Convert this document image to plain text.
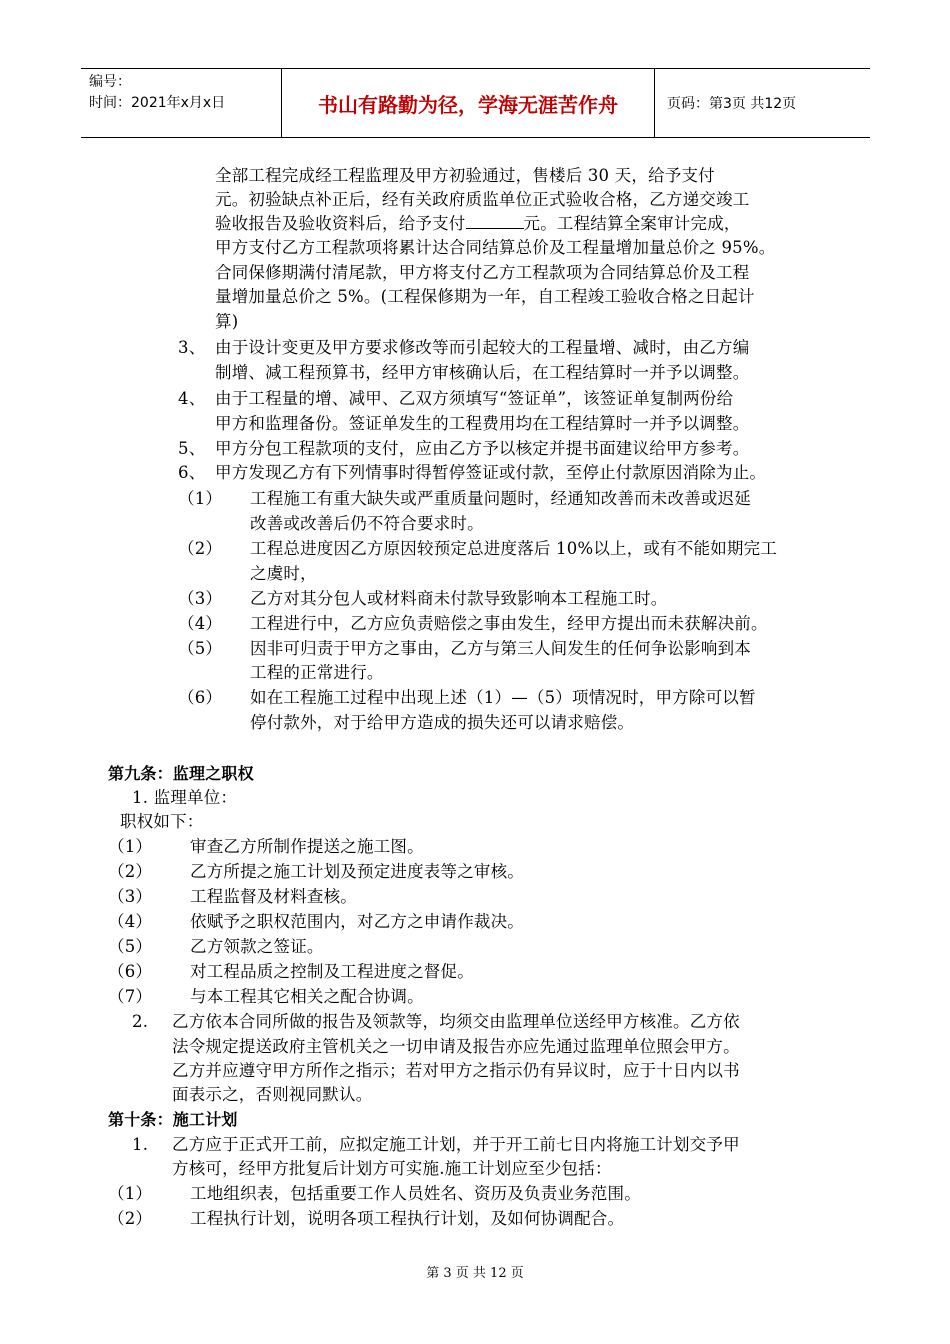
编号：
时间：2021年x月x日	书山有路勤为径，学海无涯苦作舟	页码：第3页 共12页
全部工程完成经工程监理及甲方初验通过，售楼后 30 天，给予支付
元。初验缺点补正后，经有关政府质监单位正式验收合格，乙方递交竣工
验收报告及验收资料后，给予支付	元。工程结算全案审计完成，
甲方支付乙方工程款项将累计达合同结算总价及工程量增加量总价之 95%。
合同保修期满付清尾款，甲方将支付乙方工程款项为合同结算总价及工程
量增加量总价之 5%。(工程保修期为一年，自工程竣工验收合格之日起计
算)
3、 由于设计变更及甲方要求修改等而引起较大的工程量增、减时，由乙方编
制增、减工程预算书，经甲方审核确认后，在工程结算时一并予以调整。
4、 由于工程量的增、减甲、乙双方须填写“签证单”，该签证单复制两份给
甲方和监理备份。签证单发生的工程费用均在工程结算时一并予以调整。
5、 甲方分包工程款项的支付，应由乙方予以核定并提书面建议给甲方参考。
6、 甲方发现乙方有下列情事时得暂停签证或付款，至停止付款原因消除为止。
（1） 工程施工有重大缺失或严重质量问题时，经通知改善而未改善或迟延
改善或改善后仍不符合要求时。
（2） 工程总进度因乙方原因较预定总进度落后 10%以上，或有不能如期完工
之虞时，
（3） 乙方对其分包人或材料商未付款导致影响本工程施工时。
（4） 工程进行中，乙方应负责赔偿之事由发生，经甲方提出而未获解决前。
（5） 因非可归责于甲方之事由，乙方与第三人间发生的任何争讼影响到本
工程的正常进行。
（6） 如在工程施工过程中出现上述（1）—（5）项情况时，甲方除可以暂
停付款外，对于给甲方造成的损失还可以请求赔偿。
第九条：监理之职权
1. 监理单位：
职权如下：
（1） 审查乙方所制作提送之施工图。
（2） 乙方所提之施工计划及预定进度表等之审核。
（3） 工程监督及材料查核。
（4） 依赋予之职权范围内，对乙方之申请作裁决。
（5） 乙方领款之签证。
（6） 对工程品质之控制及工程进度之督促。
（7） 与本工程其它相关之配合协调。
2. 乙方依本合同所做的报告及领款等，均须交由监理单位送经甲方核准。乙方依
法令规定提送政府主管机关之一切申请及报告亦应先通过监理单位照会甲方。
乙方并应遵守甲方所作之指示；若对甲方之指示仍有异议时，应于十日内以书
面表示之，否则视同默认。
第十条：施工计划
1. 乙方应于正式开工前，应拟定施工计划，并于开工前七日内将施工计划交予甲
方核可，经甲方批复后计划方可实施.施工计划应至少包括：
（1） 工地组织表，包括重要工作人员姓名、资历及负责业务范围。
（2） 工程执行计划，说明各项工程执行计划，及如何协调配合。
第 3 页 共 12 页
